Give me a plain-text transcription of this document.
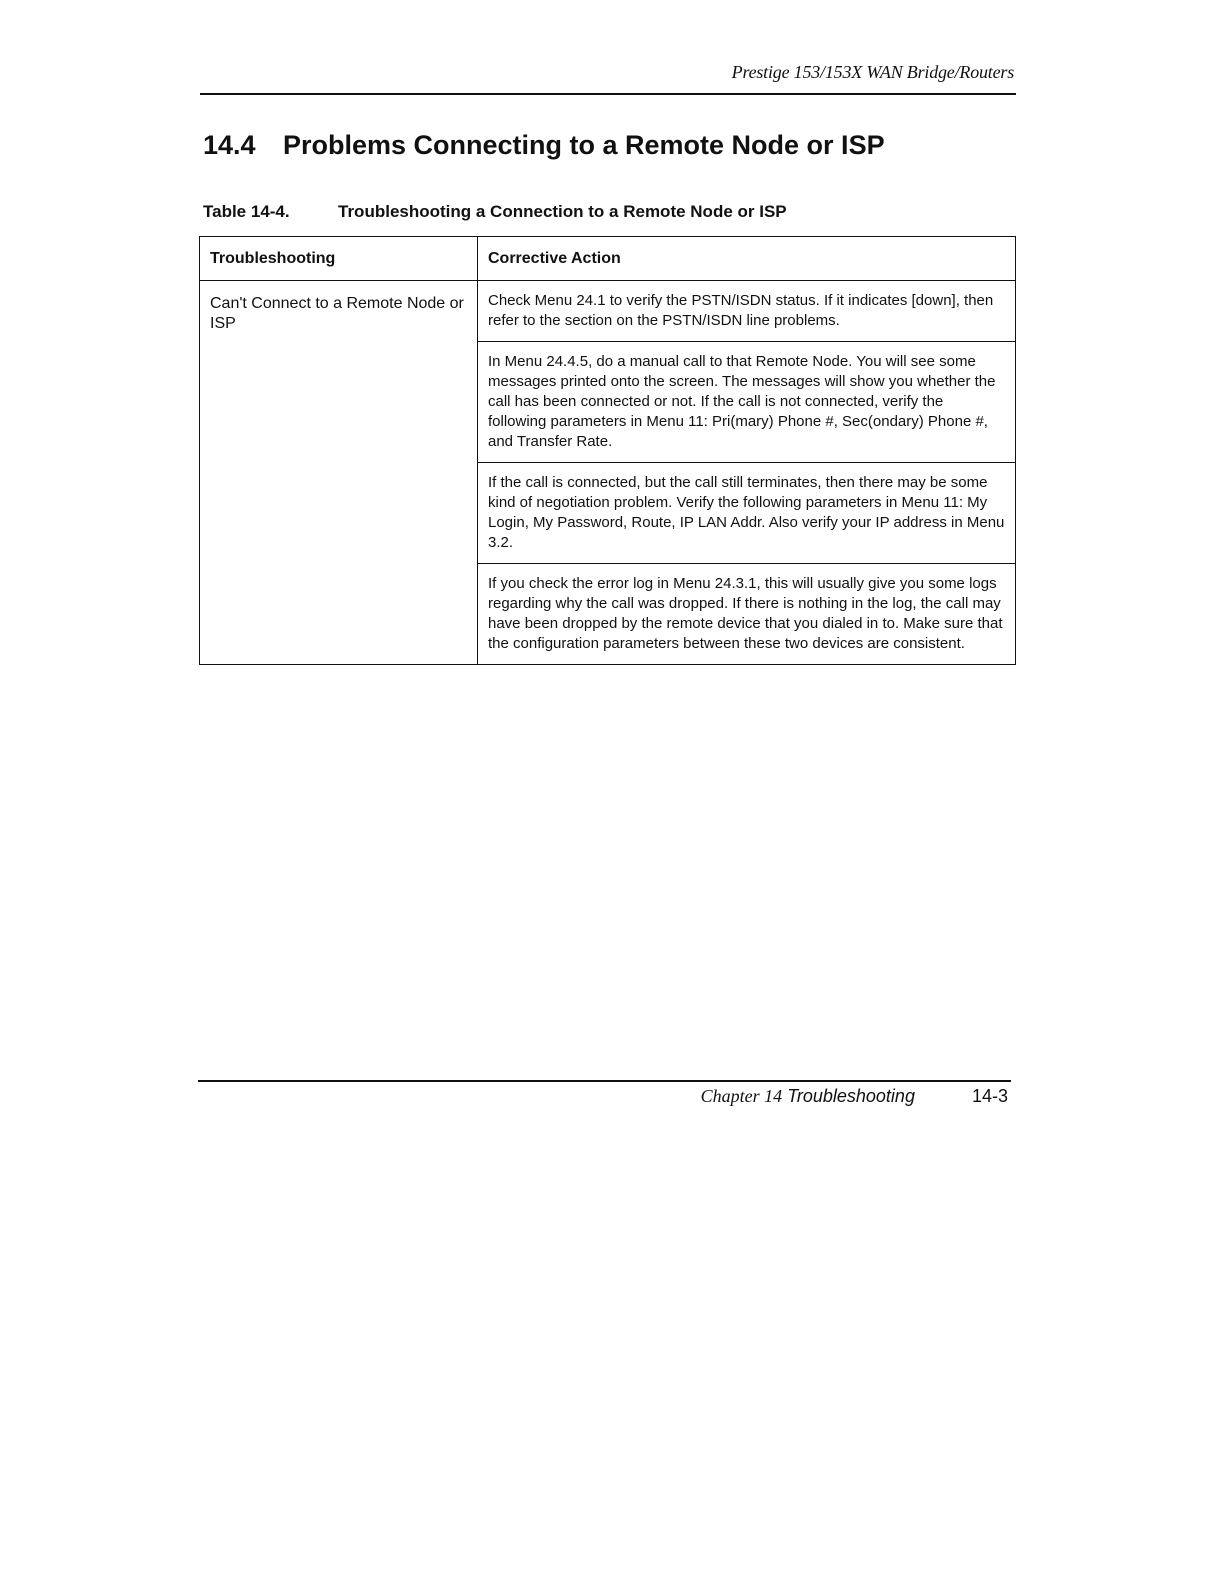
Prestige 153/153X WAN Bridge/Routers
14.4 Problems Connecting to a Remote Node or ISP
Table 14-4.	Troubleshooting a Connection to a Remote Node or ISP
Troubleshooting	Corrective Action
Can't Connect to a Remote Node or ISP	Check Menu 24.1 to verify the PSTN/ISDN status. If it indicates [down], then refer to the section on the PSTN/ISDN line problems.
	In Menu 24.4.5, do a manual call to that Remote Node. You will see some messages printed onto the screen. The messages will show you whether the call has been connected or not. If the call is not connected, verify the following parameters in Menu 11: Pri(mary) Phone #, Sec(ondary) Phone #, and Transfer Rate.
	If the call is connected, but the call still terminates, then there may be some kind of negotiation problem. Verify the following parameters in Menu 11: My Login, My Password, Route, IP LAN Addr. Also verify your IP address in Menu 3.2.
	If you check the error log in Menu 24.3.1, this will usually give you some logs regarding why the call was dropped. If there is nothing in the log, the call may have been dropped by the remote device that you dialed in to. Make sure that the configuration parameters between these two devices are consistent.
Chapter 14 Troubleshooting	14-3
